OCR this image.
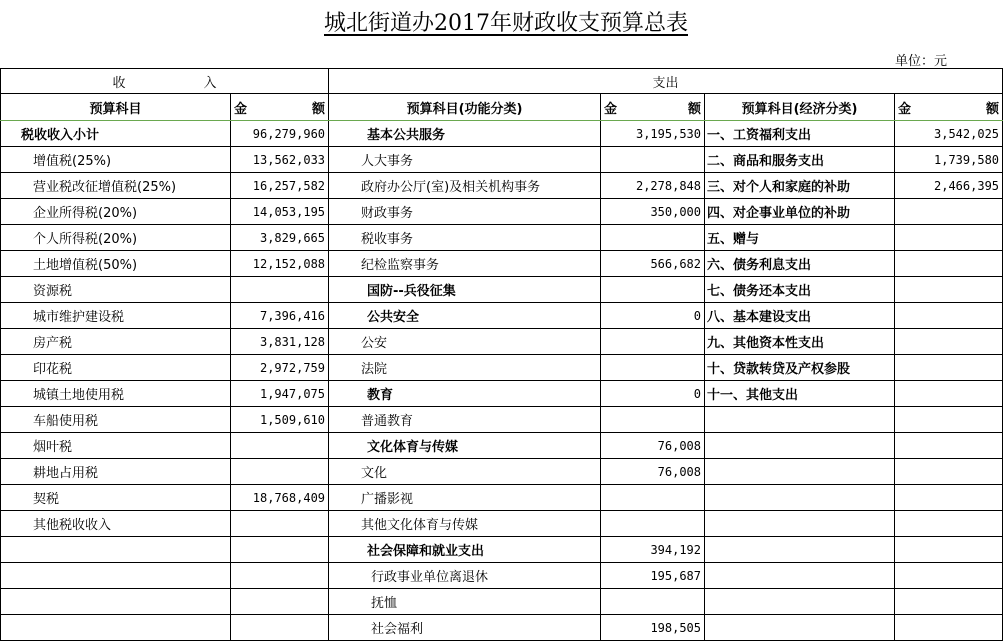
城北街道办2017年财政收支预算总表
单位：元
收　　　　　　入		支出			
预算科目	金 额	预算科目(功能分类)	金 额	预算科目(经济分类)	金 额

税收收入小计	96,279,960	基本公共服务	3,195,530	一、工资福利支出	3,542,025
增值税(25%)	13,562,033	人大事务		二、商品和服务支出	1,739,580
营业税改征增值税(25%)	16,257,582	政府办公厅(室)及相关机构事务	2,278,848	三、对个人和家庭的补助	2,466,395
企业所得税(20%)	14,053,195	财政事务	350,000	四、对企事业单位的补助	
个人所得税(20%)	3,829,665	税收事务		五、赠与	
土地增值税(50%)	12,152,088	纪检监察事务	566,682	六、债务利息支出	
资源税		国防--兵役征集		七、债务还本支出	
城市维护建设税	7,396,416	公共安全	0	八、基本建设支出	
房产税	3,831,128	公安		九、其他资本性支出	
印花税	2,972,759	法院		十、贷款转贷及产权参股	
城镇土地使用税	1,947,075	教育	0	十一、其他支出	
车船使用税	1,509,610	普通教育			
烟叶税		文化体育与传媒	76,008		
耕地占用税		文化	76,008		
契税	18,768,409	广播影视			
其他税收收入		其他文化体育与传媒			
		社会保障和就业支出	394,192		
		行政事业单位离退休	195,687		
		抚恤			
		社会福利	198,505		
